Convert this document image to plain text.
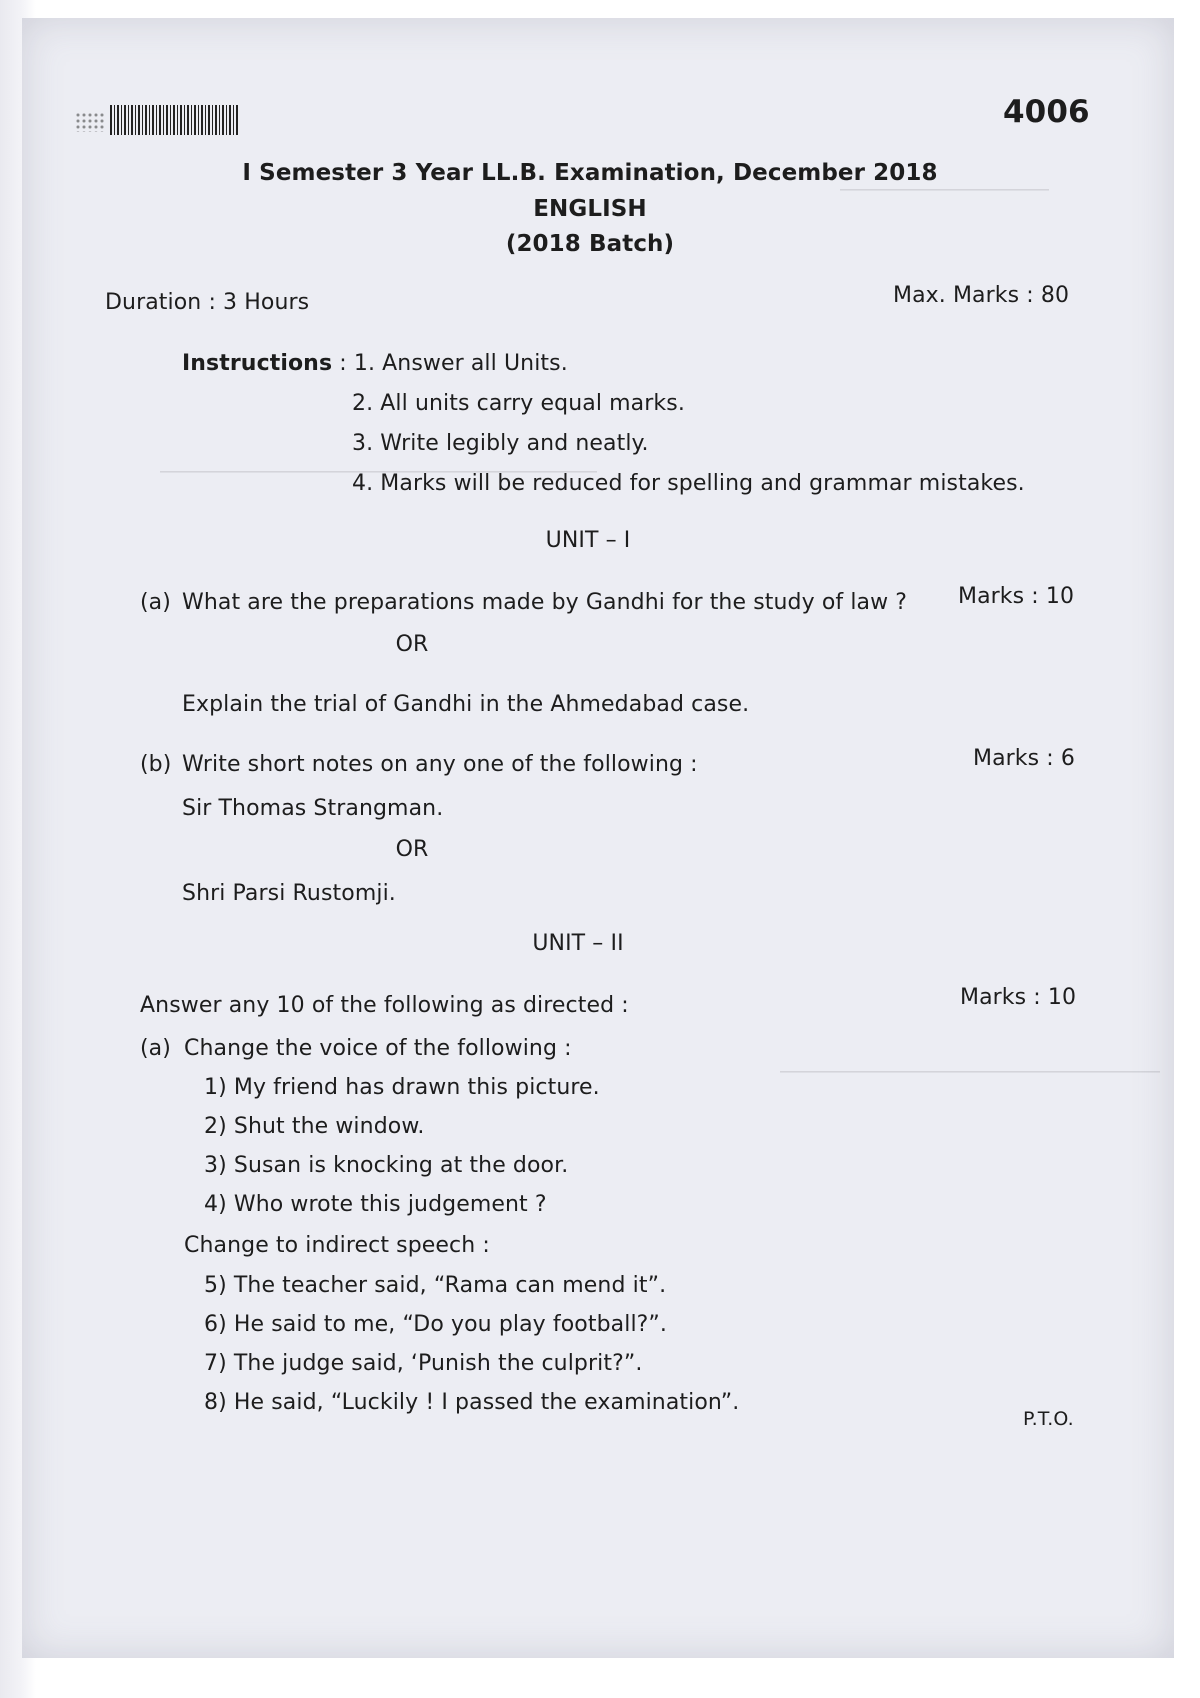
―――――――――――
―――――――――――――――――――――――
――――――――――――――――――――
4006
I Semester 3 Year LL.B. Examination, December 2018
ENGLISH
(2018 Batch)
Duration : 3 Hours	Max. Marks : 80
Instructions : 1. Answer all Units.
2. All units carry equal marks.
3. Write legibly and neatly.
4. Marks will be reduced for spelling and grammar mistakes.
UNIT – I
(a) What are the preparations made by Gandhi for the study of law ? Marks : 10
OR
Explain the trial of Gandhi in the Ahmedabad case.
(b) Write short notes on any one of the following :	Marks : 6
Sir Thomas Strangman.
OR
Shri Parsi Rustomji.
UNIT – II
Answer any 10 of the following as directed :	Marks : 10
(a) Change the voice of the following :
1) My friend has drawn this picture.
2) Shut the window.
3) Susan is knocking at the door.
4) Who wrote this judgement ?
Change to indirect speech :
5) The teacher said, “Rama can mend it”.
6) He said to me, “Do you play football?”.
7) The judge said, ‘Punish the culprit?”.
8) He said, “Luckily ! I passed the examination”.
P.T.O.
